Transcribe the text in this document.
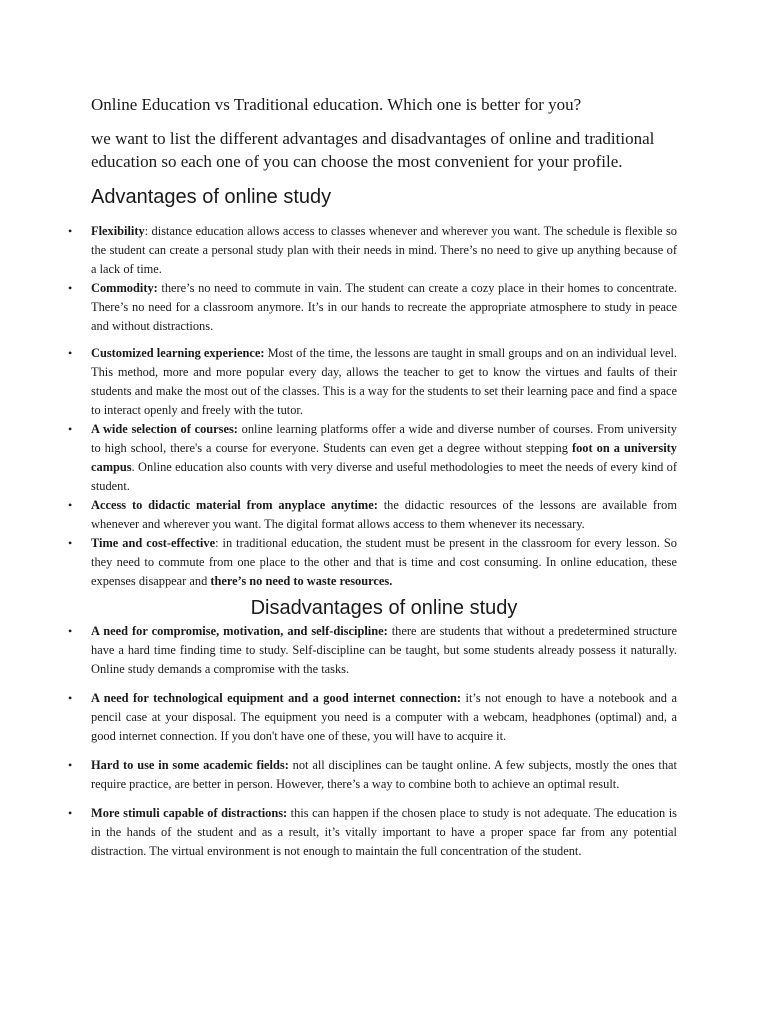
Online Education vs Traditional education. Which one is better for you?
we want to list the different advantages and disadvantages of online and traditional education so each one of you can choose the most convenient for your profile.
Advantages of online study
• Flexibility: distance education allows access to classes whenever and wherever you want. The schedule is flexible so the student can create a personal study plan with their needs in mind. There’s no need to give up anything because of a lack of time.
• Commodity: there’s no need to commute in vain. The student can create a cozy place in their homes to concentrate. There’s no need for a classroom anymore. It’s in our hands to recreate the appropriate atmosphere to study in peace and without distractions.
• Customized learning experience: Most of the time, the lessons are taught in small groups and on an individual level. This method, more and more popular every day, allows the teacher to get to know the virtues and faults of their students and make the most out of the classes. This is a way for the students to set their learning pace and find a space to interact openly and freely with the tutor.
• A wide selection of courses: online learning platforms offer a wide and diverse number of courses. From university to high school, there's a course for everyone. Students can even get a degree without stepping foot on a university campus. Online education also counts with very diverse and useful methodologies to meet the needs of every kind of student.
• Access to didactic material from anyplace anytime: the didactic resources of the lessons are available from whenever and wherever you want. The digital format allows access to them whenever its necessary.
• Time and cost-effective: in traditional education, the student must be present in the classroom for every lesson. So they need to commute from one place to the other and that is time and cost consuming. In online education, these expenses disappear and there’s no need to waste resources.
Disadvantages of online study
• A need for compromise, motivation, and self-discipline: there are students that without a predetermined structure have a hard time finding time to study. Self-discipline can be taught, but some students already possess it naturally. Online study demands a compromise with the tasks.
• A need for technological equipment and a good internet connection: it’s not enough to have a notebook and a pencil case at your disposal. The equipment you need is a computer with a webcam, headphones (optimal) and, a good internet connection. If you don't have one of these, you will have to acquire it.
• Hard to use in some academic fields: not all disciplines can be taught online. A few subjects, mostly the ones that require practice, are better in person. However, there’s a way to combine both to achieve an optimal result.
• More stimuli capable of distractions: this can happen if the chosen place to study is not adequate. The education is in the hands of the student and as a result, it’s vitally important to have a proper space far from any potential distraction. The virtual environment is not enough to maintain the full concentration of the student.
